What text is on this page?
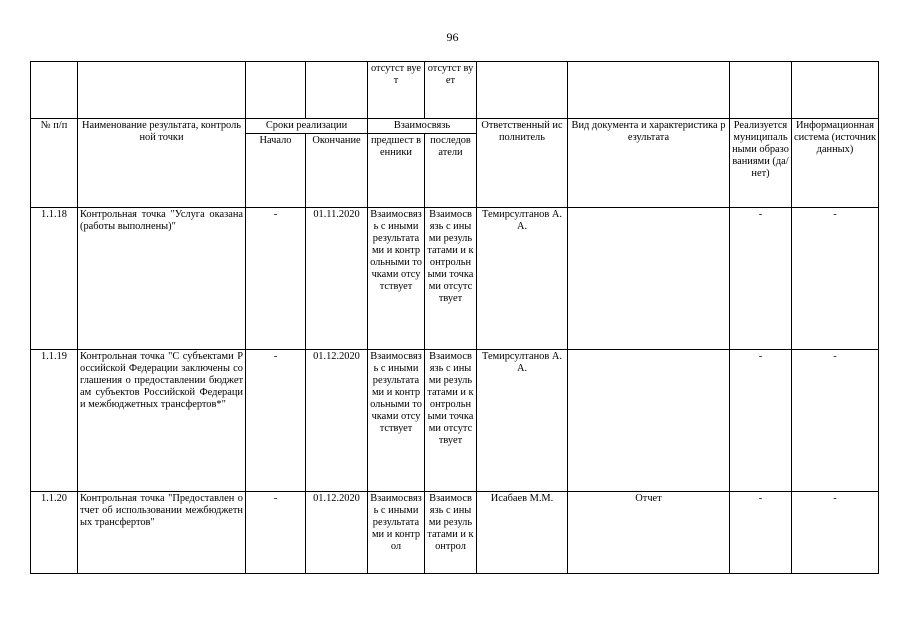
96
				отсутст вует	отсутст вует				
№ п/п	Наименование результата, контрольной точки	Сроки реализации		Взаимосвязь		Ответственный исполнитель	Вид документа и характеристика результата	Реализуется муниципальными образованиями (да/нет)	Информационная система (источник данных)
		Начало	Окончание	предшест венники	последов атели				
1.1.18	Контрольная точка "Услуга оказана (работы выполнены)"	-	01.11.2020	Взаимосвязь с иными результатами и контрольными точками отсутствует	Взаимосвязь с иными результатами и контрольными точками отсутствует	Темирсултанов А.А.		-	-
1.1.19	Контрольная точка "С субъектами Российской Федерации заключены соглашения о предоставлении бюджетам субъектов Российской Федерации межбюджетных трансфертов*"	-	01.12.2020	Взаимосвязь с иными результатами и контрольными точками отсутствует	Взаимосвязь с иными результатами и контрольными точками отсутствует	Темирсултанов А.А.		-	-
1.1.20	Контрольная точка "Предоставлен отчет об использовании межбюджетных трансфертов"	-	01.12.2020	Взаимосвязь с иными результатами и контрол	Взаимосвязь с иными результатами и контрол	Исабаев М.М.	Отчет	-	-
